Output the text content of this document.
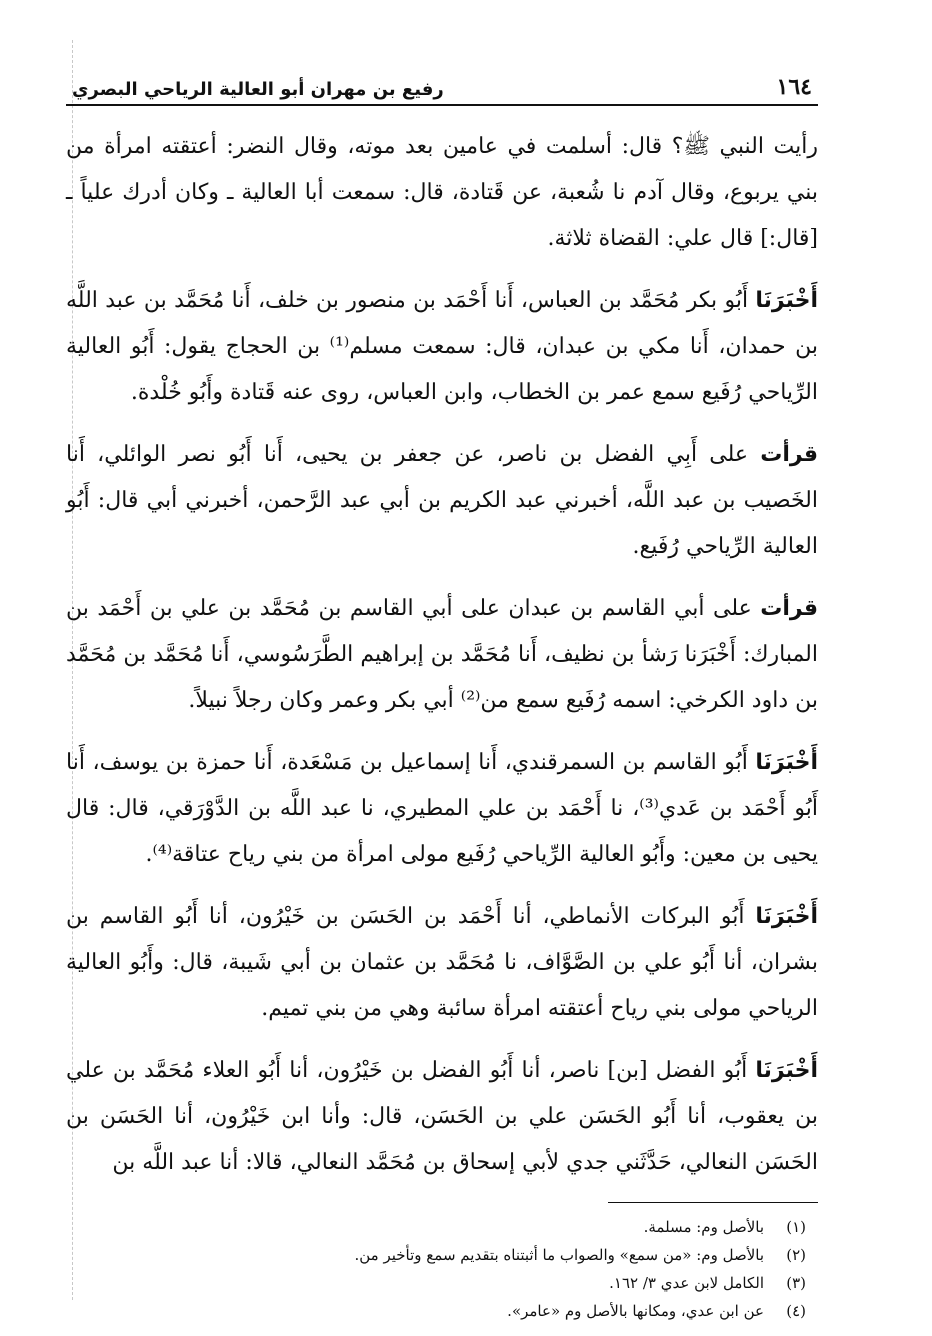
١٦٤
رفيع بن مهران أبو العالية الرياحي البصري

رأيت النبي ﷺ؟ قال: أسلمت في عامين بعد موته، وقال النضر: أعتقته امرأة من بني يربوع، وقال آدم نا شُعبة، عن قَتادة، قال: سمعت أبا العالية ـ وكان أدرك علياً ـ [قال:] قال علي: القضاة ثلاثة.

أَخْبَرَنَا أَبُو بكر مُحَمَّد بن العباس، أَنا أَحْمَد بن منصور بن خلف، أَنا مُحَمَّد بن عبد اللَّه بن حمدان، أَنا مكي بن عبدان، قال: سمعت مسلم⁽¹⁾ بن الحجاج يقول: أَبُو العالية الرِّياحي رُفَيع سمع عمر بن الخطاب، وابن العباس، روى عنه قَتادة وأَبُو خُلْدة.

قرأت على أَبِي الفضل بن ناصر، عن جعفر بن يحيى، أَنا أَبُو نصر الوائلي، أَنا الخَصيب بن عبد اللَّه، أخبرني عبد الكريم بن أبي عبد الرَّحمن، أخبرني أبي قال: أَبُو العالية الرِّياحي رُفَيع.

قرأت على أبي القاسم بن عبدان على أبي القاسم بن مُحَمَّد بن علي بن أَحْمَد بن المبارك: أَخْبَرَنا رَشأ بن نظيف، أَنا مُحَمَّد بن إبراهيم الطَّرَسُوسي، أَنا مُحَمَّد بن مُحَمَّد بن داود الكرخي: اسمه رُفَيع سمع من⁽²⁾ أبي بكر وعمر وكان رجلاً نبيلاً.

أَخْبَرَنَا أَبُو القاسم بن السمرقندي، أَنا إسماعيل بن مَسْعَدة، أَنا حمزة بن يوسف، أَنا أَبُو أَحْمَد بن عَدي⁽³⁾، نا أَحْمَد بن علي المطيري، نا عبد اللَّه بن الدَّوْرَقي، قال: قال يحيى بن معين: وأَبُو العالية الرِّياحي رُفَيع مولى امرأة من بني رياح عتاقة⁽⁴⁾.

أَخْبَرَنَا أَبُو البركات الأنماطي، أنا أَحْمَد بن الحَسَن بن خَيْرُون، أنا أَبُو القاسم بن بشران، أنا أَبُو علي بن الصَّوَّاف، نا مُحَمَّد بن عثمان بن أبي شَيبة، قال: وأَبُو العالية الرياحي مولى بني رياح أعتقته امرأة سائبة وهي من بني تميم.

أَخْبَرَنَا أَبُو الفضل [بن] ناصر، أنا أَبُو الفضل بن خَيْرُون، أنا أَبُو العلاء مُحَمَّد بن علي بن يعقوب، أنا أَبُو الحَسَن علي بن الحَسَن، قال: وأنا ابن خَيْرُون، أنا الحَسَن بن الحَسَن النعالي، حَدَّثَني جدي لأبي إسحاق بن مُحَمَّد النعالي، قالا: أنا عبد اللَّه بن

(١)
بالأصل وم: مسلمة.
(٢)
بالأصل وم: «من سمع» والصواب ما أثبتناه بتقديم سمع وتأخير من.
(٣)
الكامل لابن عدي ٣/ ١٦٢.
(٤)
عن ابن عدي، ومكانها بالأصل وم «عامر».
